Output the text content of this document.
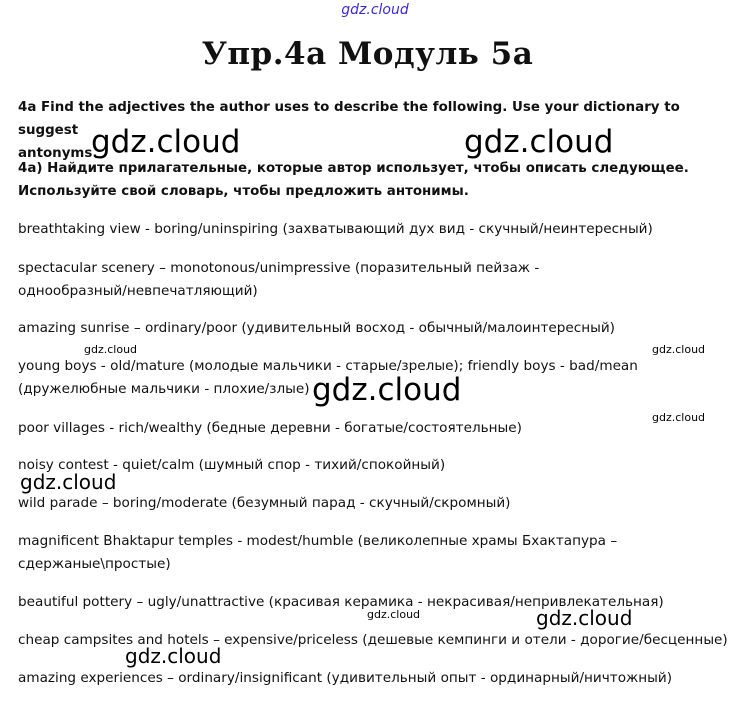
gdz.cloud
Упр.4а Модуль 5а
4a Find the adjectives the author uses to describe the following. Use your dictionary to suggest
antonyms.
4а) Найдите прилагательные, которые автор использует, чтобы описать следующее.
Используйте свой словарь, чтобы предложить антонимы.
breathtaking view - boring/uninspiring (захватывающий дух вид - скучный/неинтересный)
spectacular scenery – monotonous/unimpressive (поразительный пейзаж -
однообразный/невпечатляющий)
amazing sunrise – ordinary/poor (удивительный восход - обычный/малоинтересный)
young boys - old/mature (молодые мальчики - старые/зрелые); friendly boys - bad/mean
(дружелюбные мальчики - плохие/злые)
poor villages - rich/wealthy (бедные деревни - богатые/состоятельные)
noisy contest - quiet/calm (шумный спор - тихий/спокойный)
wild parade – boring/moderate (безумный парад - скучный/скромный)
magnificent Bhaktapur temples - modest/humble (великолепные храмы Бхактапура –
сдержаные\простые)
beautiful pottery – ugly/unattractive (красивая керамика - некрасивая/непривлекательная)
cheap campsites and hotels – expensive/priceless (дешевые кемпинги и отели - дорогие/бесценные)
amazing experiences – ordinary/insignificant (удивительный опыт - ординарный/ничтожный)
gdz.cloud	gdz.cloud
gdz.cloud
gdz.cloud
gdz.cloud
gdz.cloud
gdz.cloud	gdz.cloud
gdz.cloud
gdz.cloud
